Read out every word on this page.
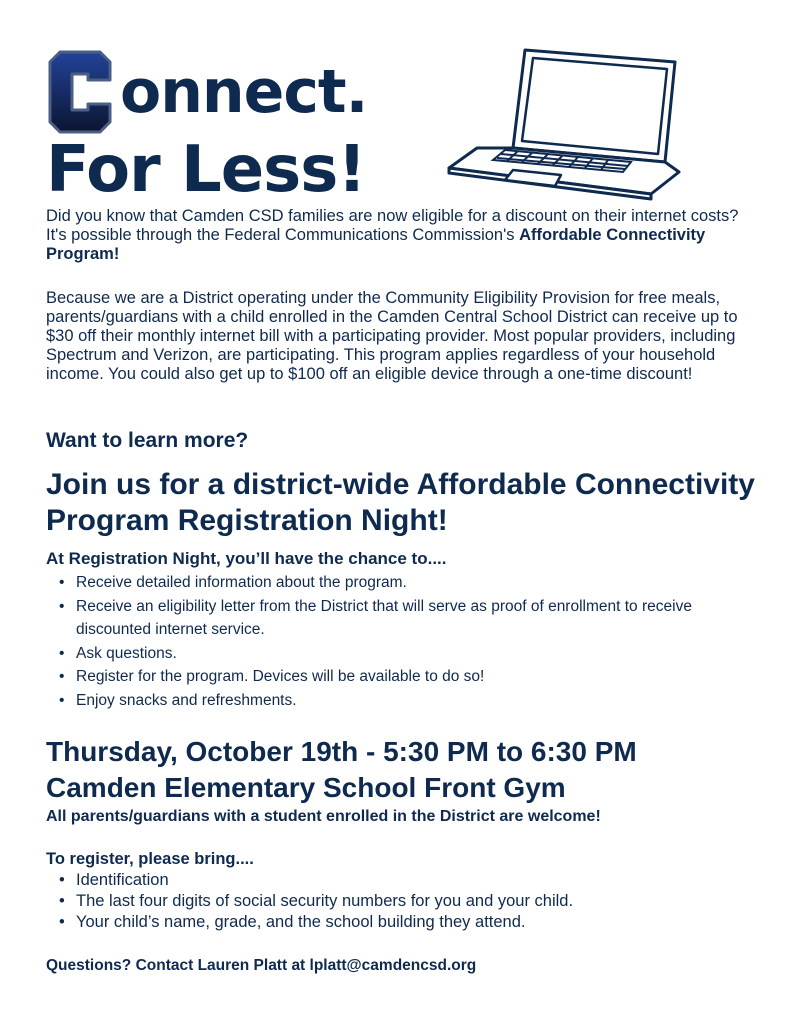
onnect.
For Less!

Did you know that Camden CSD families are now eligible for a discount on their internet costs? It's possible through the Federal Communications Commission's Affordable Connectivity Program!

Because we are a District operating under the Community Eligibility Provision for free meals, parents/guardians with a child enrolled in the Camden Central School District can receive up to $30 off their monthly internet bill with a participating provider. Most popular providers, including Spectrum and Verizon, are participating. This program applies regardless of your household income. You could also get up to $100 off an eligible device through a one-time discount!

Want to learn more?
Join us for a district-wide Affordable Connectivity Program Registration Night!
At Registration Night, you’ll have the chance to....
• Receive detailed information about the program.
• Receive an eligibility letter from the District that will serve as proof of enrollment to receive discounted internet service.
• Ask questions.
• Register for the program. Devices will be available to do so!
• Enjoy snacks and refreshments.
Thursday, October 19th - 5:30 PM to 6:30 PM
Camden Elementary School Front Gym
All parents/guardians with a student enrolled in the District are welcome!
To register, please bring....
• Identification
• The last four digits of social security numbers for you and your child.
• Your child’s name, grade, and the school building they attend.
Questions? Contact Lauren Platt at lplatt@camdencsd.org
